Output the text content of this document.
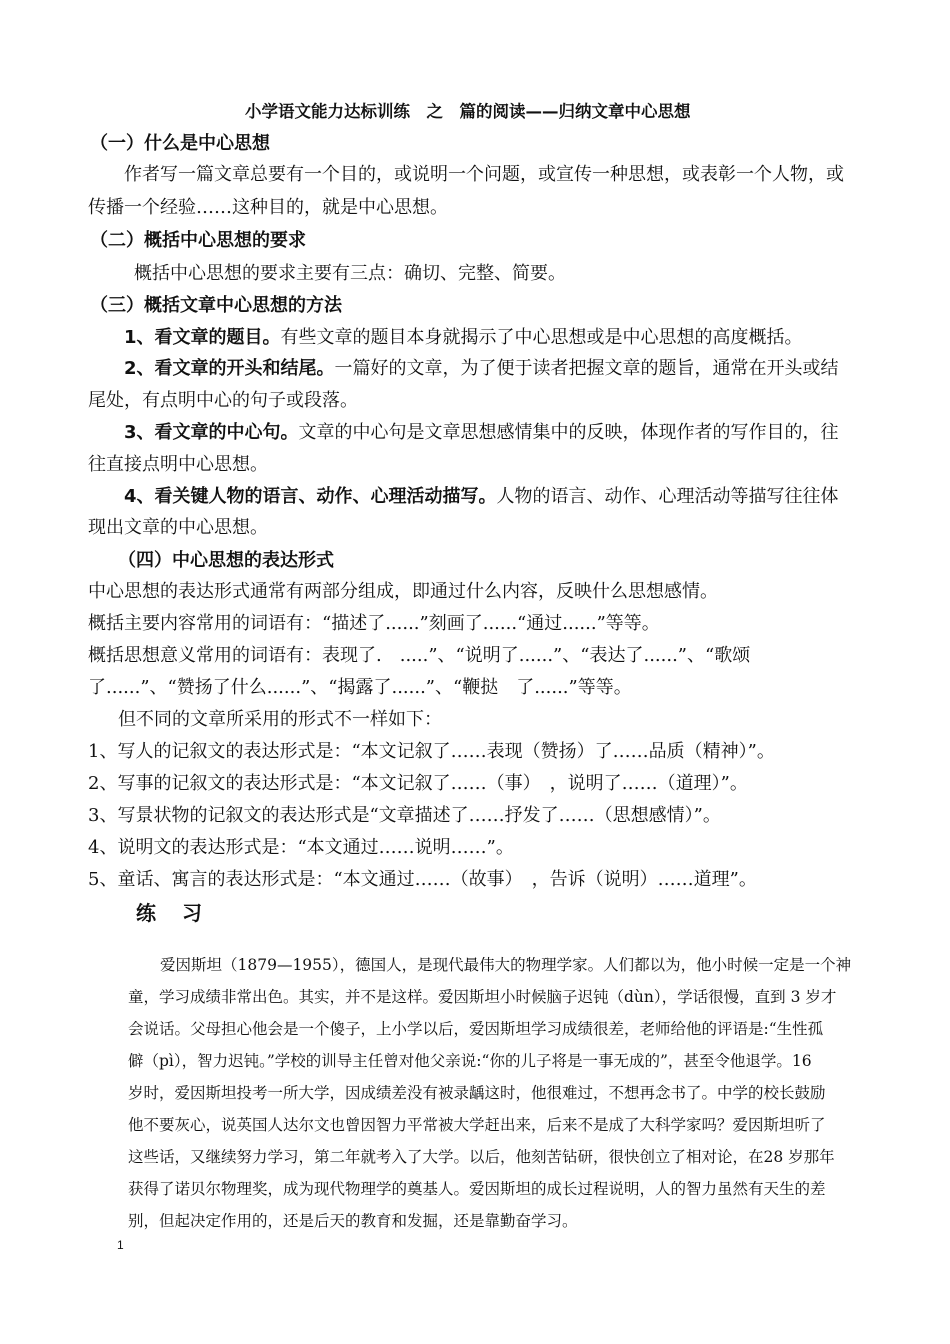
小学语文能力达标训练　之　篇的阅读——归纳文章中心思想
（一）什么是中心思想
作者写一篇文章总要有一个目的，或说明一个问题，或宣传一种思想，或表彰一个人物，或
传播一个经验……这种目的，就是中心思想。
（二）概括中心思想的要求
概括中心思想的要求主要有三点：确切、完整、简要。
（三）概括文章中心思想的方法
1、看文章的题目。有些文章的题目本身就揭示了中心思想或是中心思想的高度概括。
2、看文章的开头和结尾。一篇好的文章，为了便于读者把握文章的题旨，通常在开头或结
尾处，有点明中心的句子或段落。
3、看文章的中心句。文章的中心句是文章思想感情集中的反映，体现作者的写作目的，往
往直接点明中心思想。
4、看关键人物的语言、动作、心理活动描写。人物的语言、动作、心理活动等描写往往体
现出文章的中心思想。
（四）中心思想的表达形式
中心思想的表达形式通常有两部分组成，即通过什么内容，反映什么思想感情。
概括主要内容常用的词语有：“描述了......”刻画了......“通过......”等等。
概括思想意义常用的词语有：表现了.　.....”、“说明了......”、“表达了......”、“歌颂
了......”、“赞扬了什么......”、“揭露了......”、“鞭挞　了......”等等。
但不同的文章所采用的形式不一样如下：
1、写人的记叙文的表达形式是：“本文记叙了……表现（赞扬）了……品质（精神）”。
2、写事的记叙文的表达形式是：“本文记叙了……（事）　，说明了……（道理）”。
3、写景状物的记叙文的表达形式是“文章描述了……抒发了……（思想感情）”。
4、说明文的表达形式是：“本文通过……说明……”。
5、童话、寓言的表达形式是：“本文通过……（故事）　，告诉（说明）……道理”。
练 习
爱因斯坦（1879—1955），德国人，是现代最伟大的物理学家。人们都以为，他小时候一定是一个神
童，学习成绩非常出色。其实，并不是这样。爱因斯坦小时候脑子迟钝（dùn），学话很慢，直到 3 岁才
会说话。父母担心他会是一个傻子，上小学以后，爱因斯坦学习成绩很差，老师给他的评语是:“生性孤
僻（pì），智力迟钝。”学校的训导主任曾对他父亲说:“你的儿子将是一事无成的”，甚至令他退学。16
岁时，爱因斯坦投考一所大学，因成绩差没有被录龋这时，他很难过，不想再念书了。中学的校长鼓励
他不要灰心，说英国人达尔文也曾因智力平常被大学赶出来，后来不是成了大科学家吗？爱因斯坦听了
这些话，又继续努力学习，第二年就考入了大学。以后，他刻苦钻研，很快创立了相对论，在28 岁那年
获得了诺贝尔物理奖，成为现代物理学的奠基人。爱因斯坦的成长过程说明，人的智力虽然有天生的差
别，但起决定作用的，还是后天的教育和发掘，还是靠勤奋学习。
1
